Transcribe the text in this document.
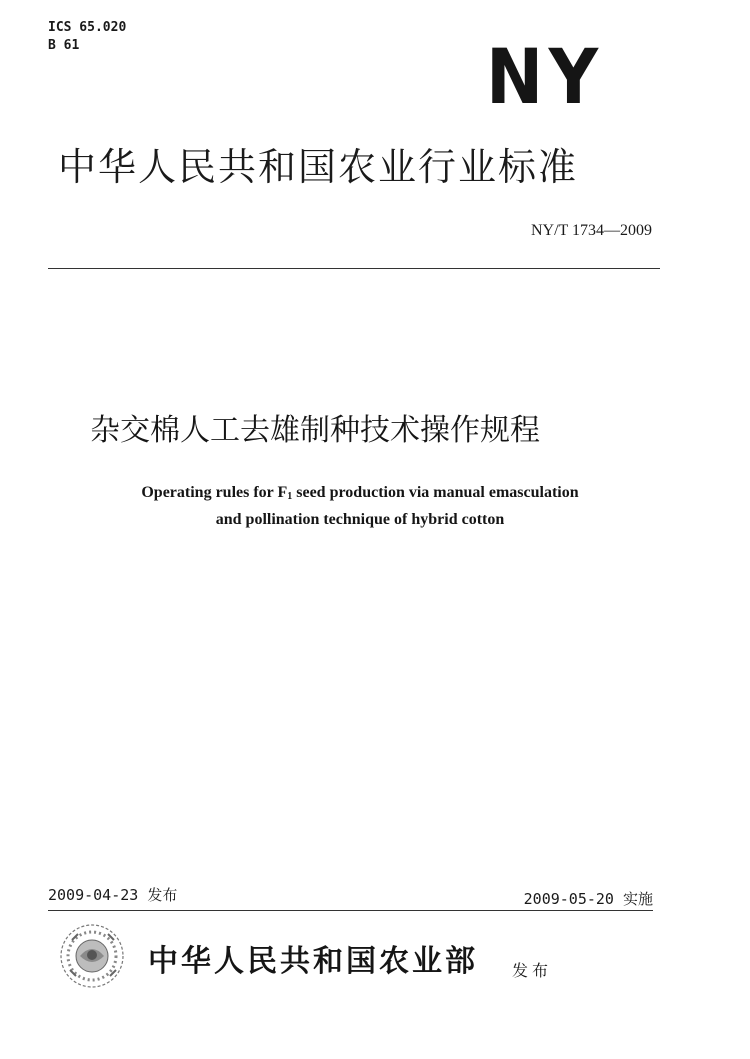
ICS 65.020
B 61	NY
中华人民共和国农业行业标准
NY/T 1734—2009
杂交棉人工去雄制种技术操作规程
Operating rules for $F_1$ seed production via manual emasculation
and pollination technique of hybrid cotton
2009-04-23 发布	2009-05-20 实施
中华人民共和国农业部 发布
